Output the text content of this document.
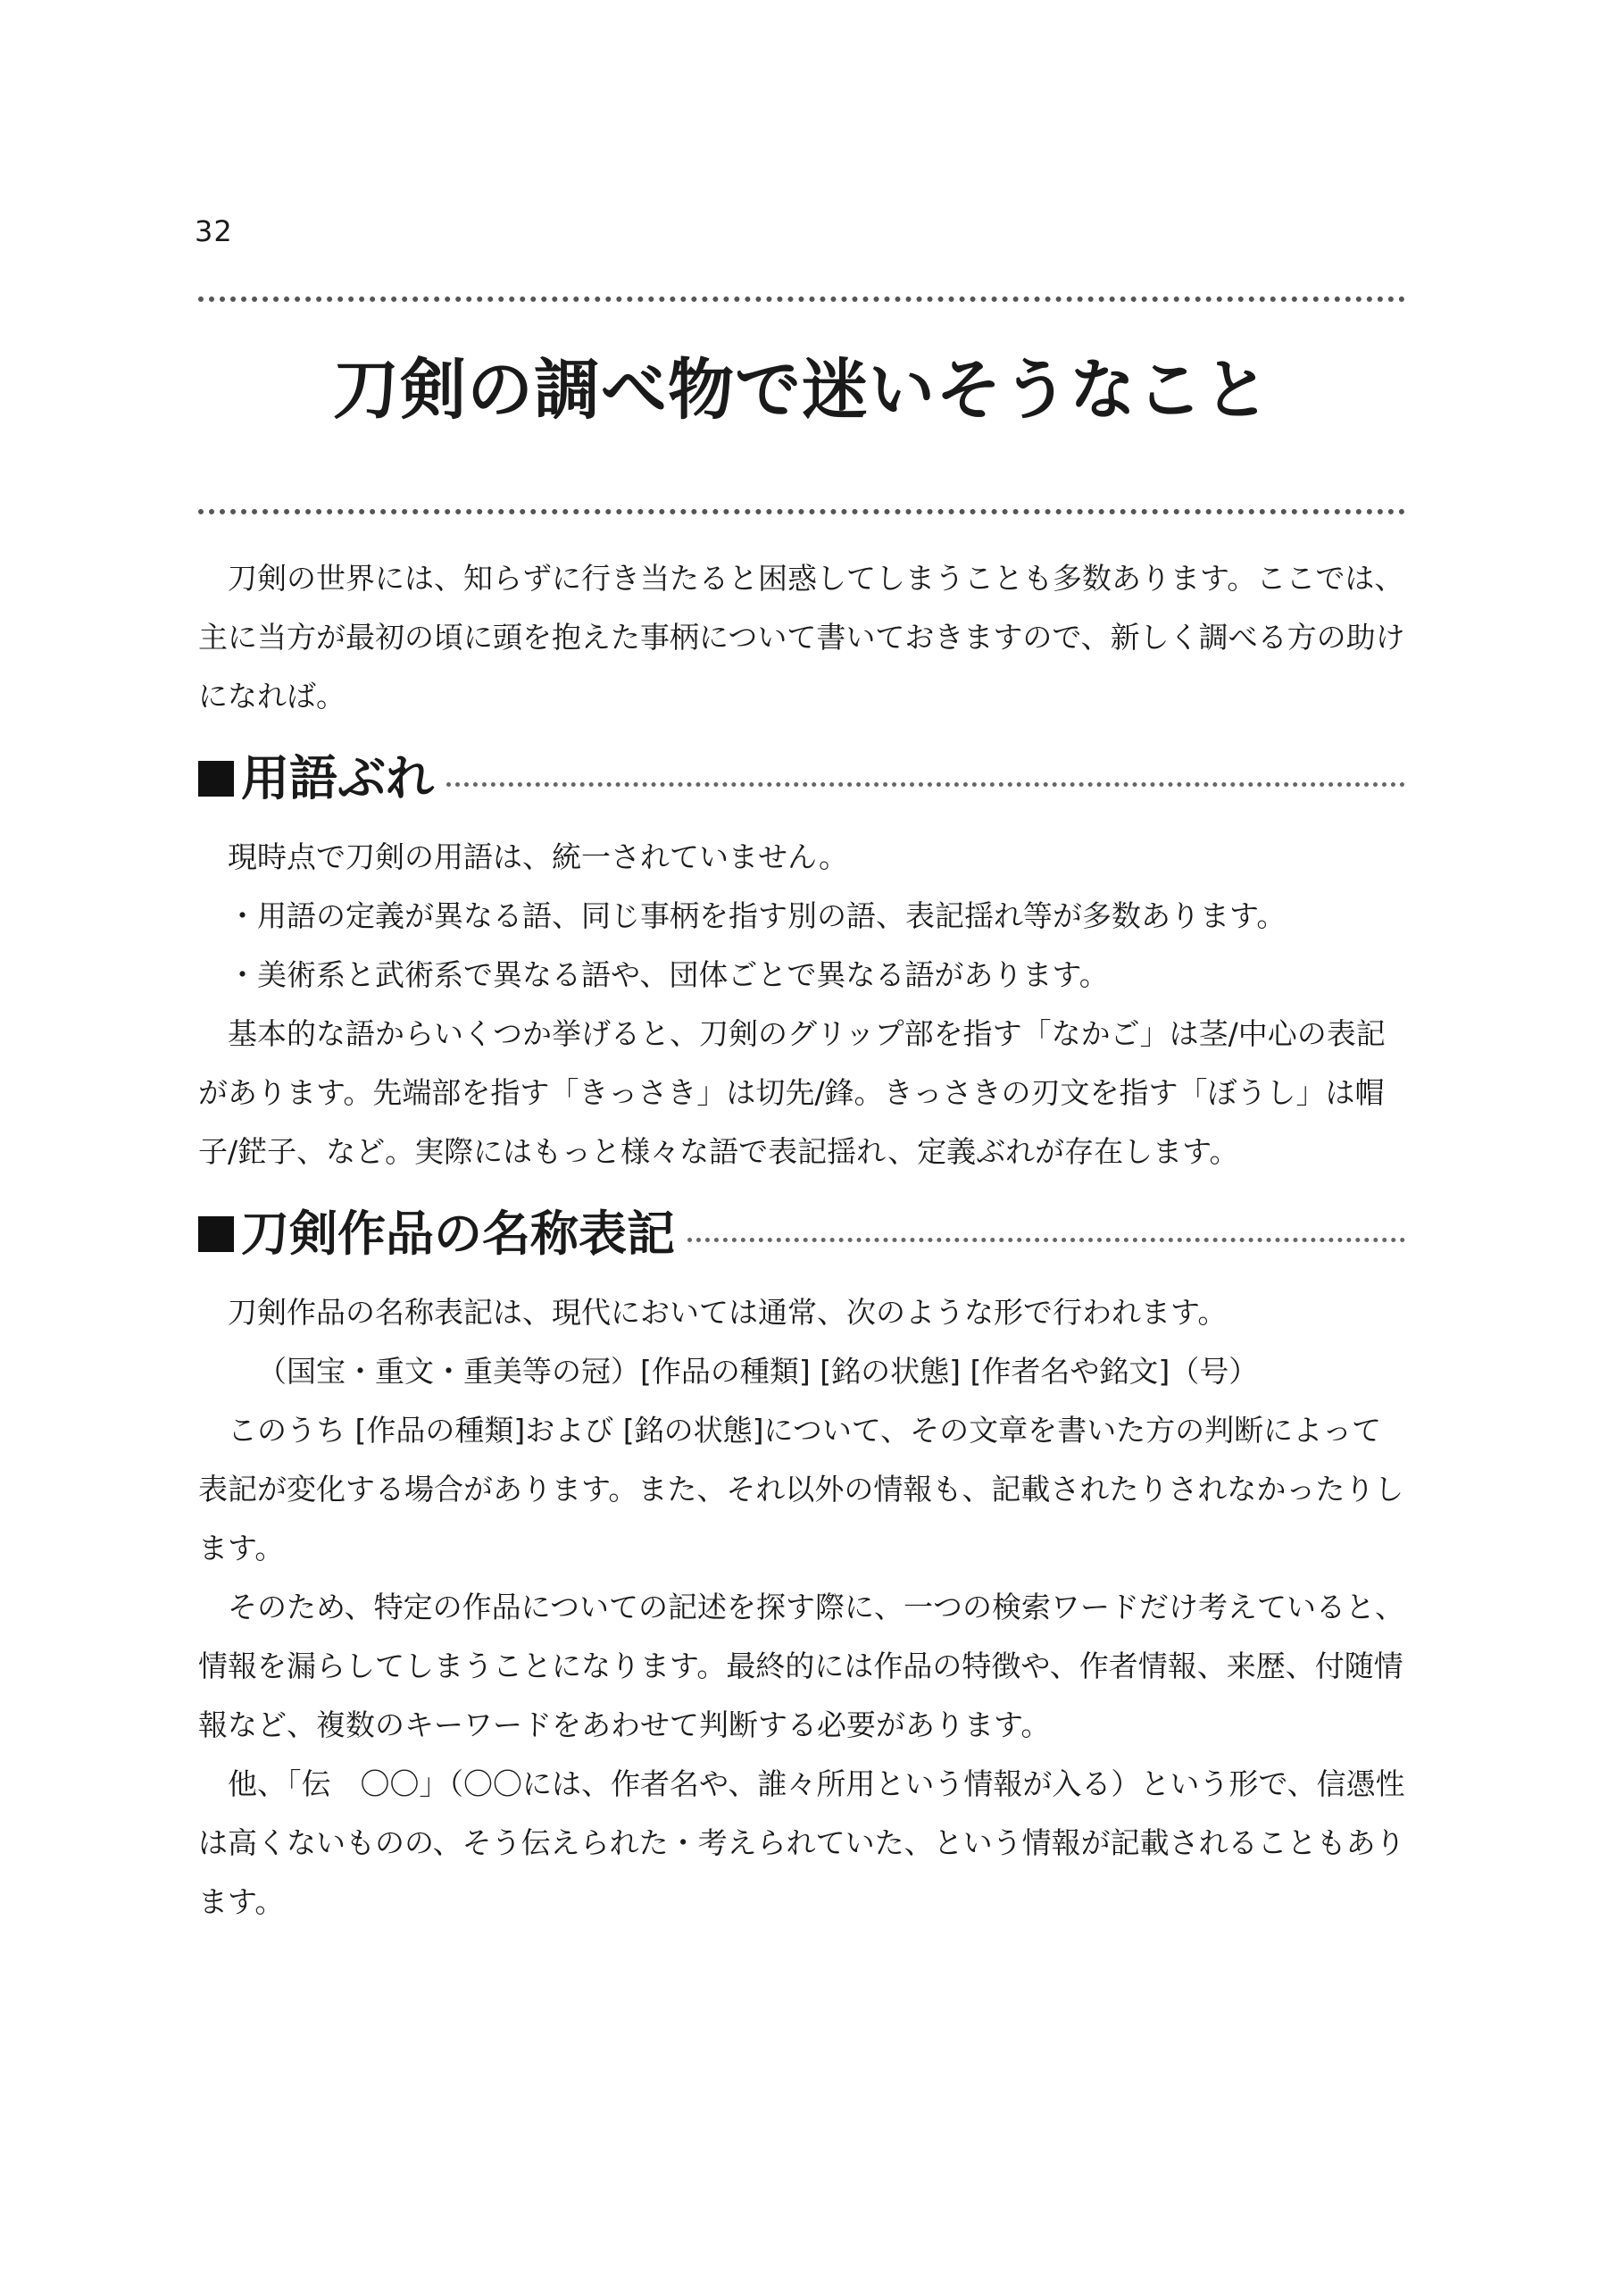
32
刀剣の調べ物で迷いそうなこと

刀剣の世界には、知らずに行き当たると困惑してしまうことも多数あります。ここでは、主に当方が最初の頃に頭を抱えた事柄について書いておきますので、新しく調べる方の助けになれば。

用語ぶれ

現時点で刀剣の用語は、統一されていません。

・用語の定義が異なる語、同じ事柄を指す別の語、表記揺れ等が多数あります。

・美術系と武術系で異なる語や、団体ごとで異なる語があります。

基本的な語からいくつか挙げると、刀剣のグリップ部を指す「なかご」は茎/中心の表記があります。先端部を指す「きっさき」は切先/鋒。きっさきの刃文を指す「ぼうし」は帽子/鋩子、など。実際にはもっと様々な語で表記揺れ、定義ぶれが存在します。

刀剣作品の名称表記

刀剣作品の名称表記は、現代においては通常、次のような形で行われます。

（国宝・重文・重美等の冠）[作品の種類] [銘の状態] [作者名や銘文]（号）

このうち [作品の種類]および [銘の状態]について、その文章を書いた方の判断によって表記が変化する場合があります。また、それ以外の情報も、記載されたりされなかったりします。

そのため、特定の作品についての記述を探す際に、一つの検索ワードだけ考えていると、情報を漏らしてしまうことになります。最終的には作品の特徴や、作者情報、来歴、付随情報など、複数のキーワードをあわせて判断する必要があります。

他、「伝　〇〇」（〇〇には、作者名や、誰々所用という情報が入る）という形で、信憑性は高くないものの、そう伝えられた・考えられていた、という情報が記載されることもあります。
